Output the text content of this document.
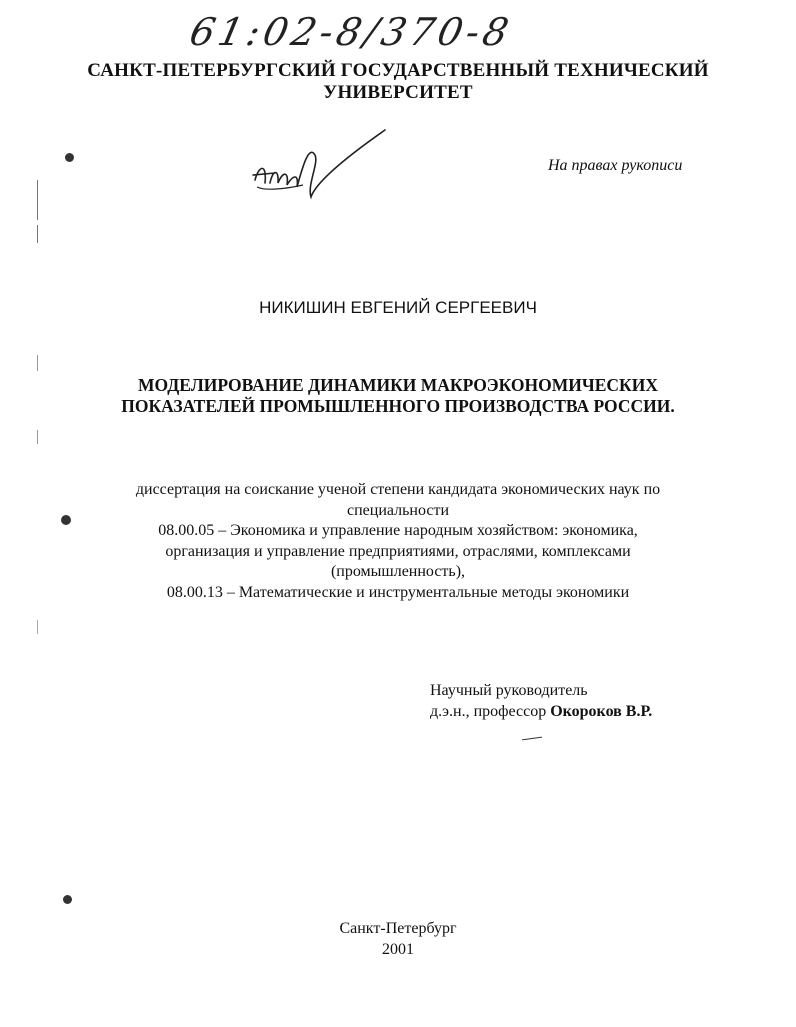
61:02-8/370-8
САНКТ-ПЕТЕРБУРГСКИЙ ГОСУДАРСТВЕННЫЙ ТЕХНИЧЕСКИЙ
УНИВЕРСИТЕТ
На правах рукописи
НИКИШИН ЕВГЕНИЙ СЕРГЕЕВИЧ
МОДЕЛИРОВАНИЕ ДИНАМИКИ МАКРОЭКОНОМИЧЕСКИХ
ПОКАЗАТЕЛЕЙ ПРОМЫШЛЕННОГО ПРОИЗВОДСТВА РОССИИ.
диссертация на соискание ученой степени кандидата экономических наук по
специальности
08.00.05 – Экономика и управление народным хозяйством: экономика,
организация и управление предприятиями, отраслями, комплексами
(промышленность),
08.00.13 – Математические и инструментальные методы экономики
Научный руководитель
д.э.н., профессор Окороков В.Р.
Санкт-Петербург
2001
